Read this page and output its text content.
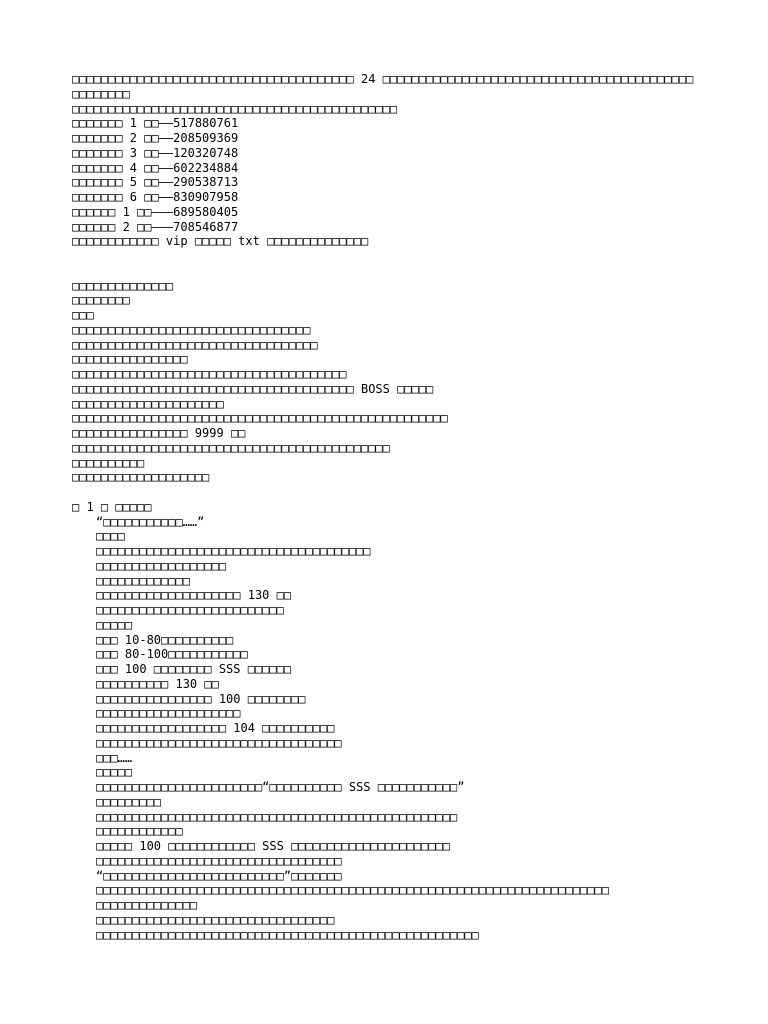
□□□□□□□□□□□□□□□□□□□□□□□□□□□□□□□□□□□□□□□ 24 □□□□□□□□□□□□□□□□□□□□□□□□□□□□□□□□□□□□□□□□□□□
□□□□□□□□
□□□□□□□□□□□□□□□□□□□□□□□□□□□□□□□□□□□□□□□□□□□□□
□□□□□□□ 1 □□——517880761
□□□□□□□ 2 □□——208509369
□□□□□□□ 3 □□——120320748
□□□□□□□ 4 □□——602234884
□□□□□□□ 5 □□——290538713
□□□□□□□ 6 □□——830907958
□□□□□□ 1 □□———689580405
□□□□□□ 2 □□———708546877
□□□□□□□□□□□□ vip □□□□□ txt □□□□□□□□□□□□□□
□□□□□□□□□□□□□□
□□□□□□□□
□□□
□□□□□□□□□□□□□□□□□□□□□□□□□□□□□□□□□
□□□□□□□□□□□□□□□□□□□□□□□□□□□□□□□□□□
□□□□□□□□□□□□□□□□
□□□□□□□□□□□□□□□□□□□□□□□□□□□□□□□□□□□□□□
□□□□□□□□□□□□□□□□□□□□□□□□□□□□□□□□□□□□□□□ BOSS □□□□□
□□□□□□□□□□□□□□□□□□□□□
□□□□□□□□□□□□□□□□□□□□□□□□□□□□□□□□□□□□□□□□□□□□□□□□□□□□
□□□□□□□□□□□□□□□□ 9999 □□
□□□□□□□□□□□□□□□□□□□□□□□□□□□□□□□□□□□□□□□□□□□□
□□□□□□□□□□
□□□□□□□□□□□□□□□□□□□
□ 1 □ □□□□□
“□□□□□□□□□□□……”
□□□□
□□□□□□□□□□□□□□□□□□□□□□□□□□□□□□□□□□□□□□
□□□□□□□□□□□□□□□□□□
□□□□□□□□□□□□□
□□□□□□□□□□□□□□□□□□□□ 130 □□
□□□□□□□□□□□□□□□□□□□□□□□□□□
□□□□□
□□□ 10-80□□□□□□□□□□
□□□ 80-100□□□□□□□□□□□
□□□ 100 □□□□□□□□ SSS □□□□□□
□□□□□□□□□□ 130 □□
□□□□□□□□□□□□□□□□ 100 □□□□□□□□
□□□□□□□□□□□□□□□□□□□□
□□□□□□□□□□□□□□□□□□ 104 □□□□□□□□□□
□□□□□□□□□□□□□□□□□□□□□□□□□□□□□□□□□□
□□□……
□□□□□
□□□□□□□□□□□□□□□□□□□□□□□“□□□□□□□□□□ SSS □□□□□□□□□□□”
□□□□□□□□□
□□□□□□□□□□□□□□□□□□□□□□□□□□□□□□□□□□□□□□□□□□□□□□□□□□
□□□□□□□□□□□□
□□□□□ 100 □□□□□□□□□□□□ SSS □□□□□□□□□□□□□□□□□□□□□□
□□□□□□□□□□□□□□□□□□□□□□□□□□□□□□□□□□
“□□□□□□□□□□□□□□□□□□□□□□□□□”□□□□□□□
□□□□□□□□□□□□□□□□□□□□□□□□□□□□□□□□□□□□□□□□□□□□□□□□□□□□□□□□□□□□□□□□□□□□□□□
□□□□□□□□□□□□□□
□□□□□□□□□□□□□□□□□□□□□□□□□□□□□□□□□
□□□□□□□□□□□□□□□□□□□□□□□□□□□□□□□□□□□□□□□□□□□□□□□□□□□□□
